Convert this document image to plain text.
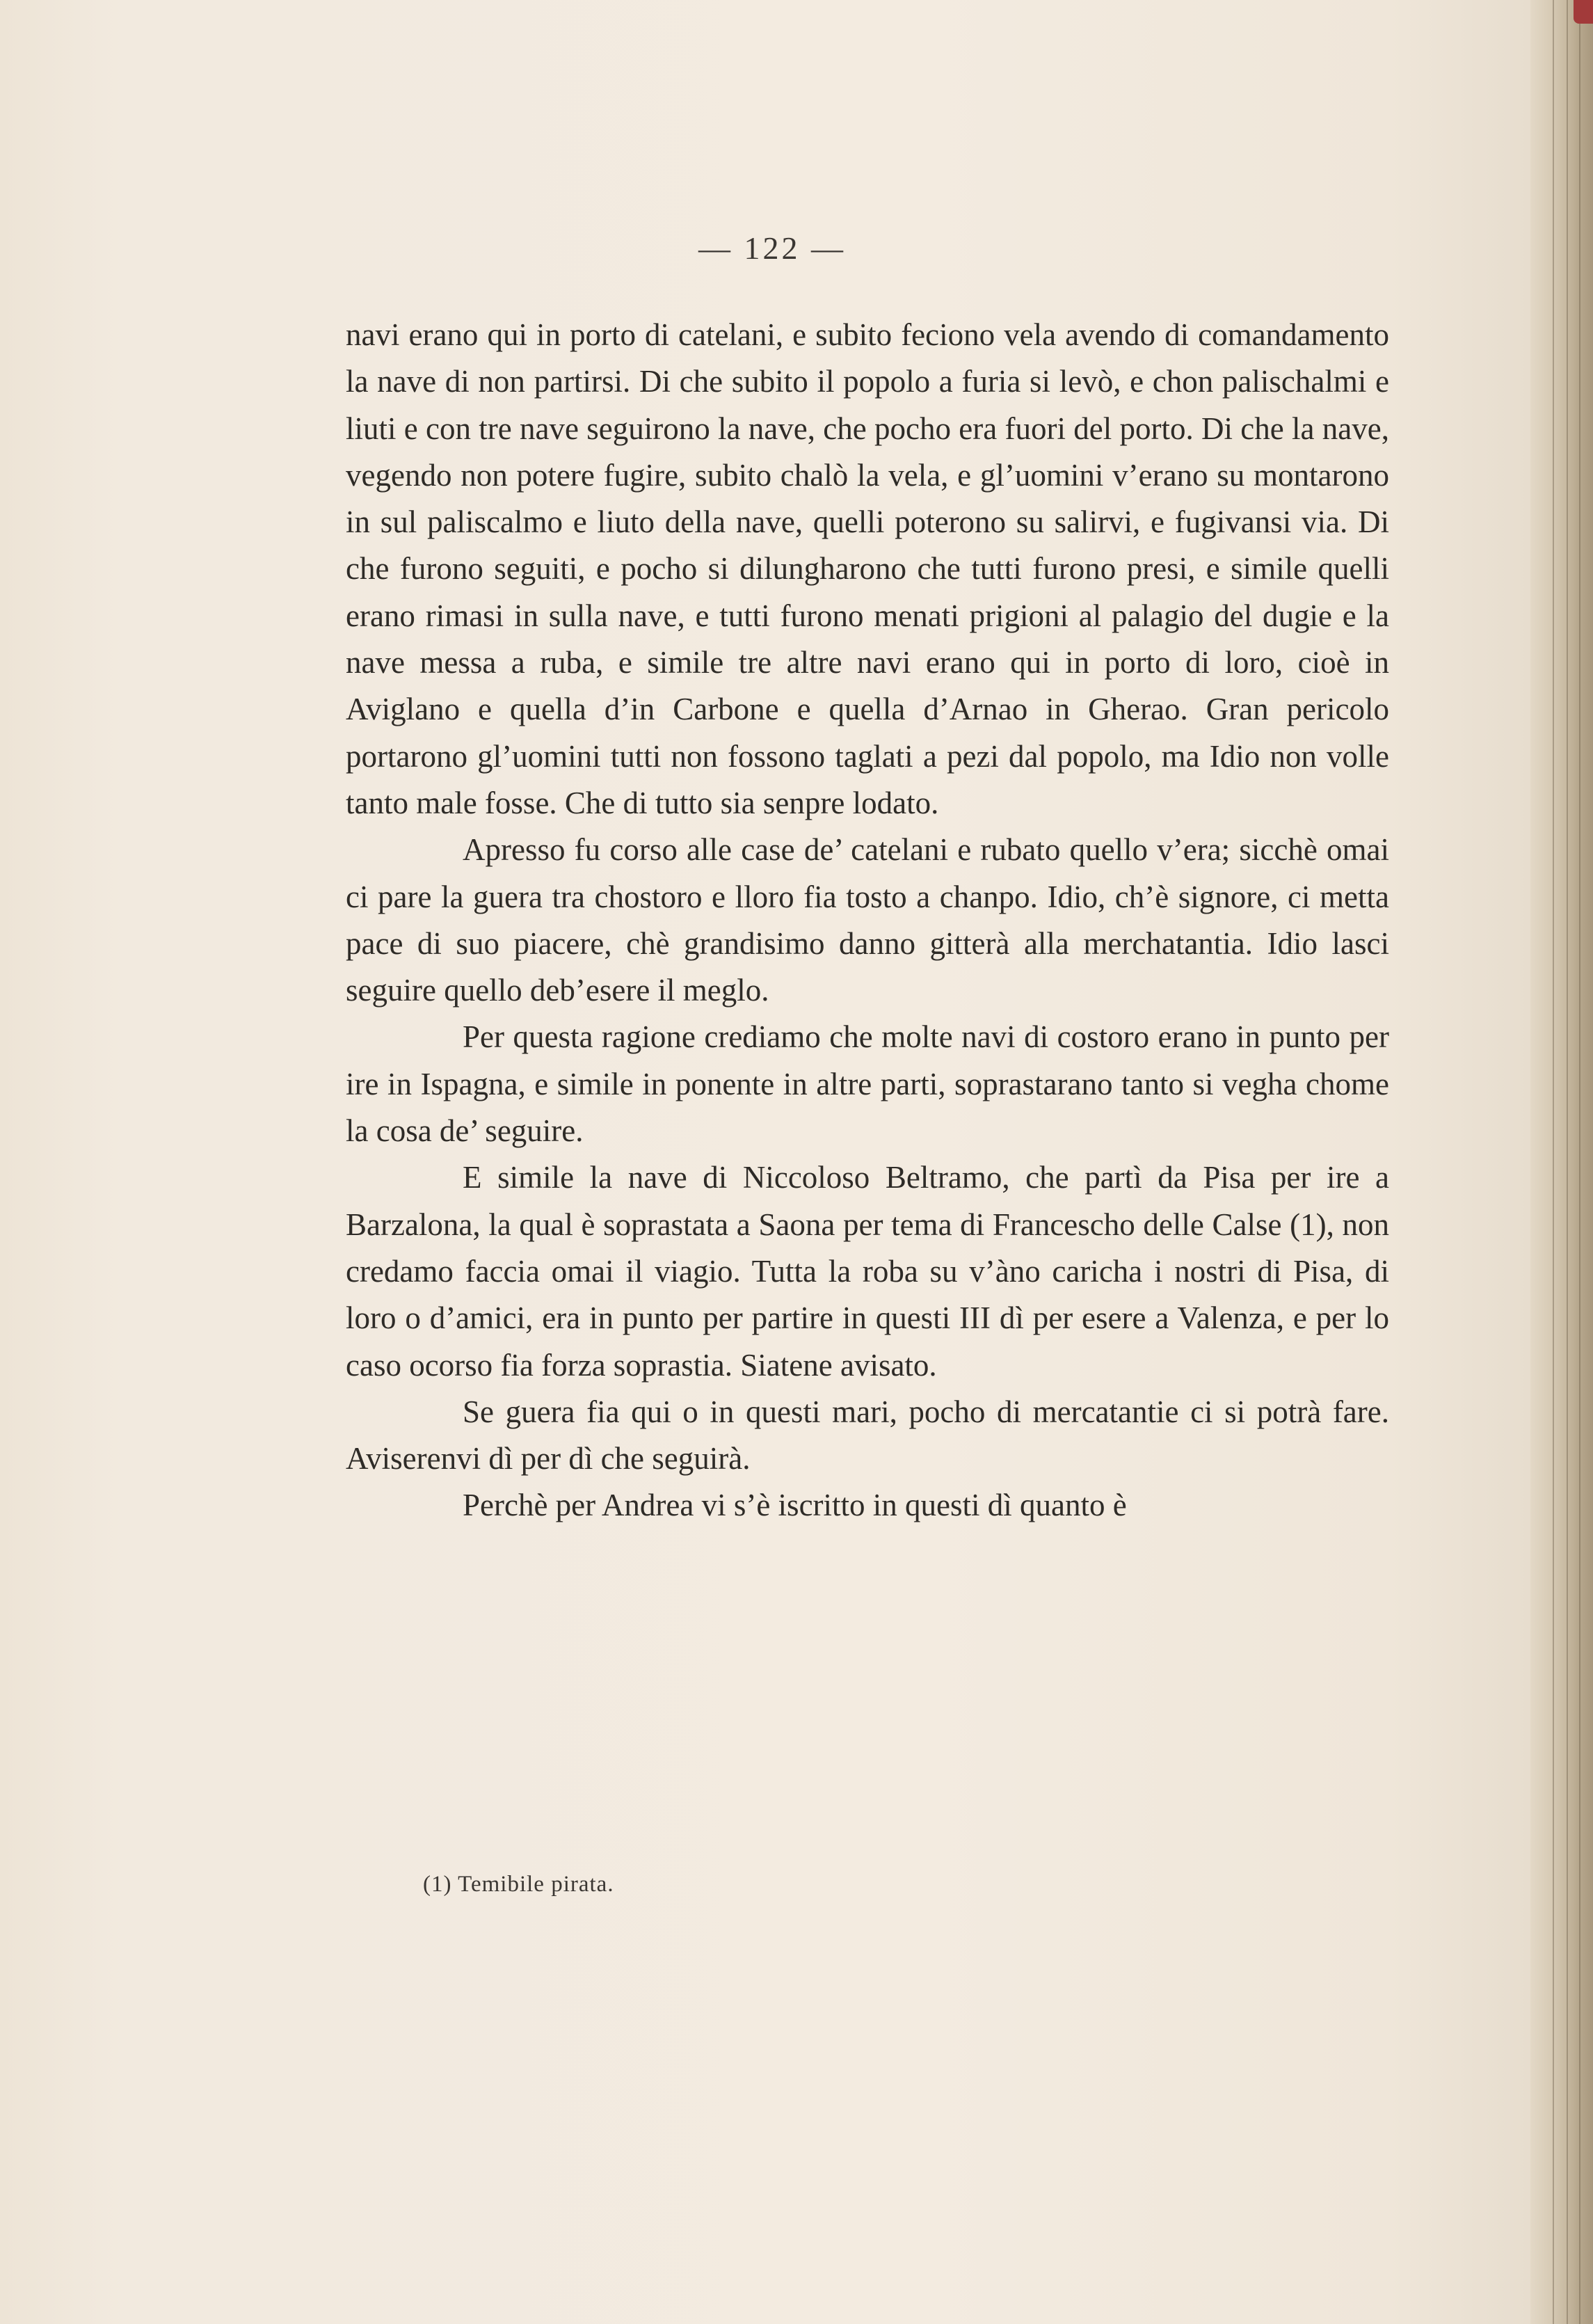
— 122 —

navi erano qui in porto di catelani, e subito feciono vela avendo di comandamento la nave di non partirsi. Di che subito il popolo a furia si levò, e chon palischalmi e liuti e con tre nave seguirono la nave, che pocho era fuori del porto. Di che la nave, vegendo non potere fugire, subito chalò la vela, e gl’uomini v’erano su montarono in sul paliscalmo e liuto della nave, quelli poterono su salirvi, e fugivansi via. Di che furono seguiti, e pocho si dilungharono che tutti furono presi, e simile quelli erano rimasi in sulla nave, e tutti furono menati prigioni al palagio del dugie e la nave messa a ruba, e simile tre altre navi erano qui in porto di loro, cioè in Aviglano e quella d’in Carbone e quella d’Arnao in Gherao. Gran pericolo portarono gl’uomini tutti non fossono taglati a pezi dal popolo, ma Idio non volle tanto male fosse. Che di tutto sia senpre lodato.

Apresso fu corso alle case de’ catelani e rubato quello v’era; sicchè omai ci pare la guera tra chostoro e lloro fia tosto a chanpo. Idio, ch’è signore, ci metta pace di suo piacere, chè grandisimo danno gitterà alla merchatantia. Idio lasci seguire quello deb’esere il meglo.

Per questa ragione crediamo che molte navi di costoro erano in punto per ire in Ispagna, e simile in ponente in altre parti, soprastarano tanto si vegha chome la cosa de’ seguire.

E simile la nave di Niccoloso Beltramo, che partì da Pisa per ire a Barzalona, la qual è soprastata a Saona per tema di Francescho delle Calse (1), non credamo faccia omai il viagio. Tutta la roba su v’àno caricha i nostri di Pisa, di loro o d’amici, era in punto per partire in questi III dì per esere a Valenza, e per lo caso ocorso fia forza soprastia. Siatene avisato.

Se guera fia qui o in questi mari, pocho di mercatantie ci si potrà fare. Aviserenvi dì per dì che seguirà.

Perchè per Andrea vi s’è iscritto in questi dì quanto è

(1) Temibile pirata.
